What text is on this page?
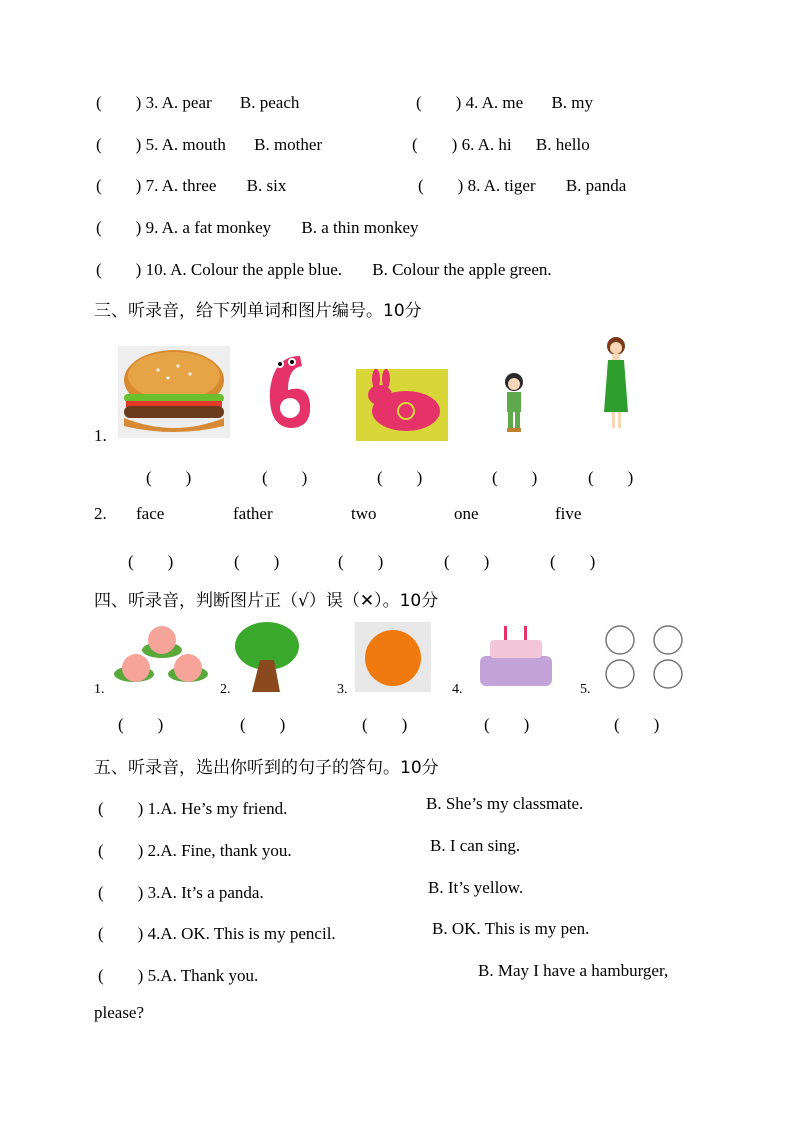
(　　) 3. A. pear B. peach	(　　) 4. A. me B. my
(　　) 5. A. mouth B. mother	(　　) 6. A. hi B. hello
(　　) 7. A. three B. six	(　　) 8. A. tiger B. panda
(　　) 9. A. a fat monkey B. a thin monkey
(　　) 10. A. Colour the apple blue. B. Colour the apple green.
三、听录音，给下列单词和图片编号。10分
1.
(　　)	(　　)	(　　)	(　　)	(　　)
2. face	father	two	one	five
(　　)	(　　)	(　　)	(　　)	(　　)
四、听录音，判断图片正（√）误（✕）。10分
1.	2.	3.	4.	5.
(　　)	(　　)	(　　)	(　　)	(　　)
五、听录音，选出你听到的句子的答句。10分
(　　) 1.A. He’s my friend.	B. She’s my classmate.
(　　) 2.A. Fine, thank you.	B. I can sing.
(　　) 3.A. It’s a panda.	B. It’s yellow.
(　　) 4.A. OK. This is my pencil.	B. OK. This is my pen.
(　　) 5.A. Thank you.	B. May I have a hamburger,
please?
